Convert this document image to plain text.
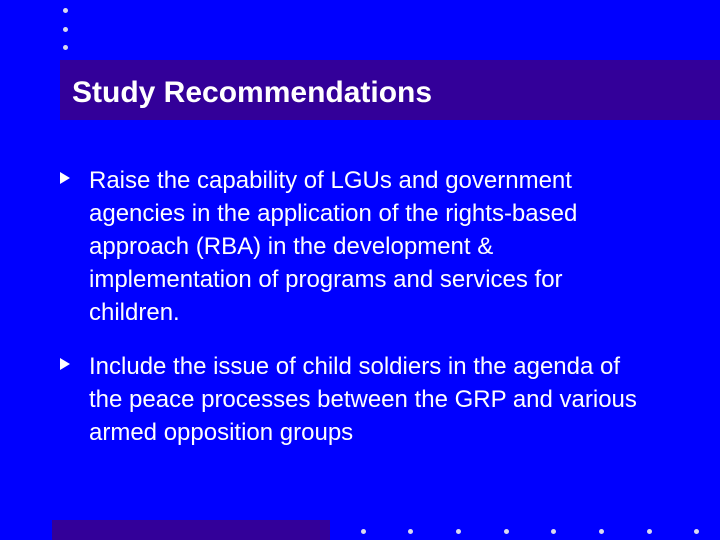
Study Recommendations

Raise the capability of LGUs and government agencies in the application of the rights-based approach (RBA) in the development & implementation of programs and services for children.

Include the issue of child soldiers in the agenda of the peace processes between the GRP and various armed opposition groups
